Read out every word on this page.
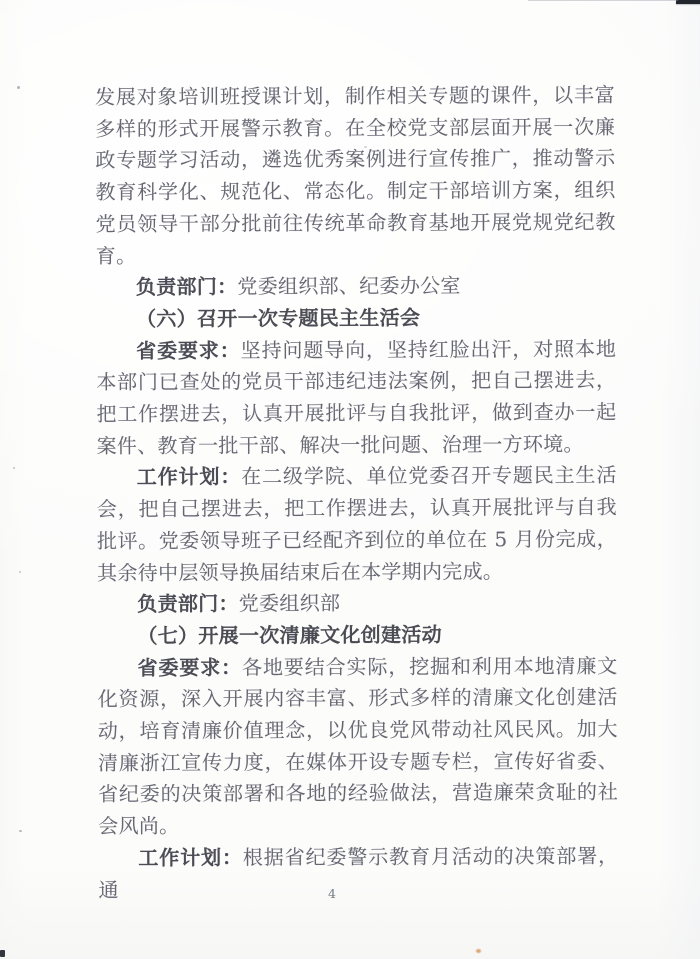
发展对象培训班授课计划，制作相关专题的课件，以丰富多样的形式开展警示教育。在全校党支部层面开展一次廉政专题学习活动，遴选优秀案例进行宣传推广，推动警示教育科学化、规范化、常态化。制定干部培训方案，组织党员领导干部分批前往传统革命教育基地开展党规党纪教育。

负责部门：党委组织部、纪委办公室

（六）召开一次专题民主生活会

省委要求：坚持问题导向，坚持红脸出汗，对照本地本部门已查处的党员干部违纪违法案例，把自己摆进去，把工作摆进去，认真开展批评与自我批评，做到查办一起案件、教育一批干部、解决一批问题、治理一方环境。

工作计划：在二级学院、单位党委召开专题民主生活会，把自己摆进去，把工作摆进去，认真开展批评与自我批评。党委领导班子已经配齐到位的单位在 5 月份完成，其余待中层领导换届结束后在本学期内完成。

负责部门：党委组织部

（七）开展一次清廉文化创建活动

省委要求：各地要结合实际，挖掘和利用本地清廉文化资源，深入开展内容丰富、形式多样的清廉文化创建活动，培育清廉价值理念，以优良党风带动社风民风。加大清廉浙江宣传力度，在媒体开设专题专栏，宣传好省委、省纪委的决策部署和各地的经验做法，营造廉荣贪耻的社会风尚。

工作计划：根据省纪委警示教育月活动的决策部署，通	4
